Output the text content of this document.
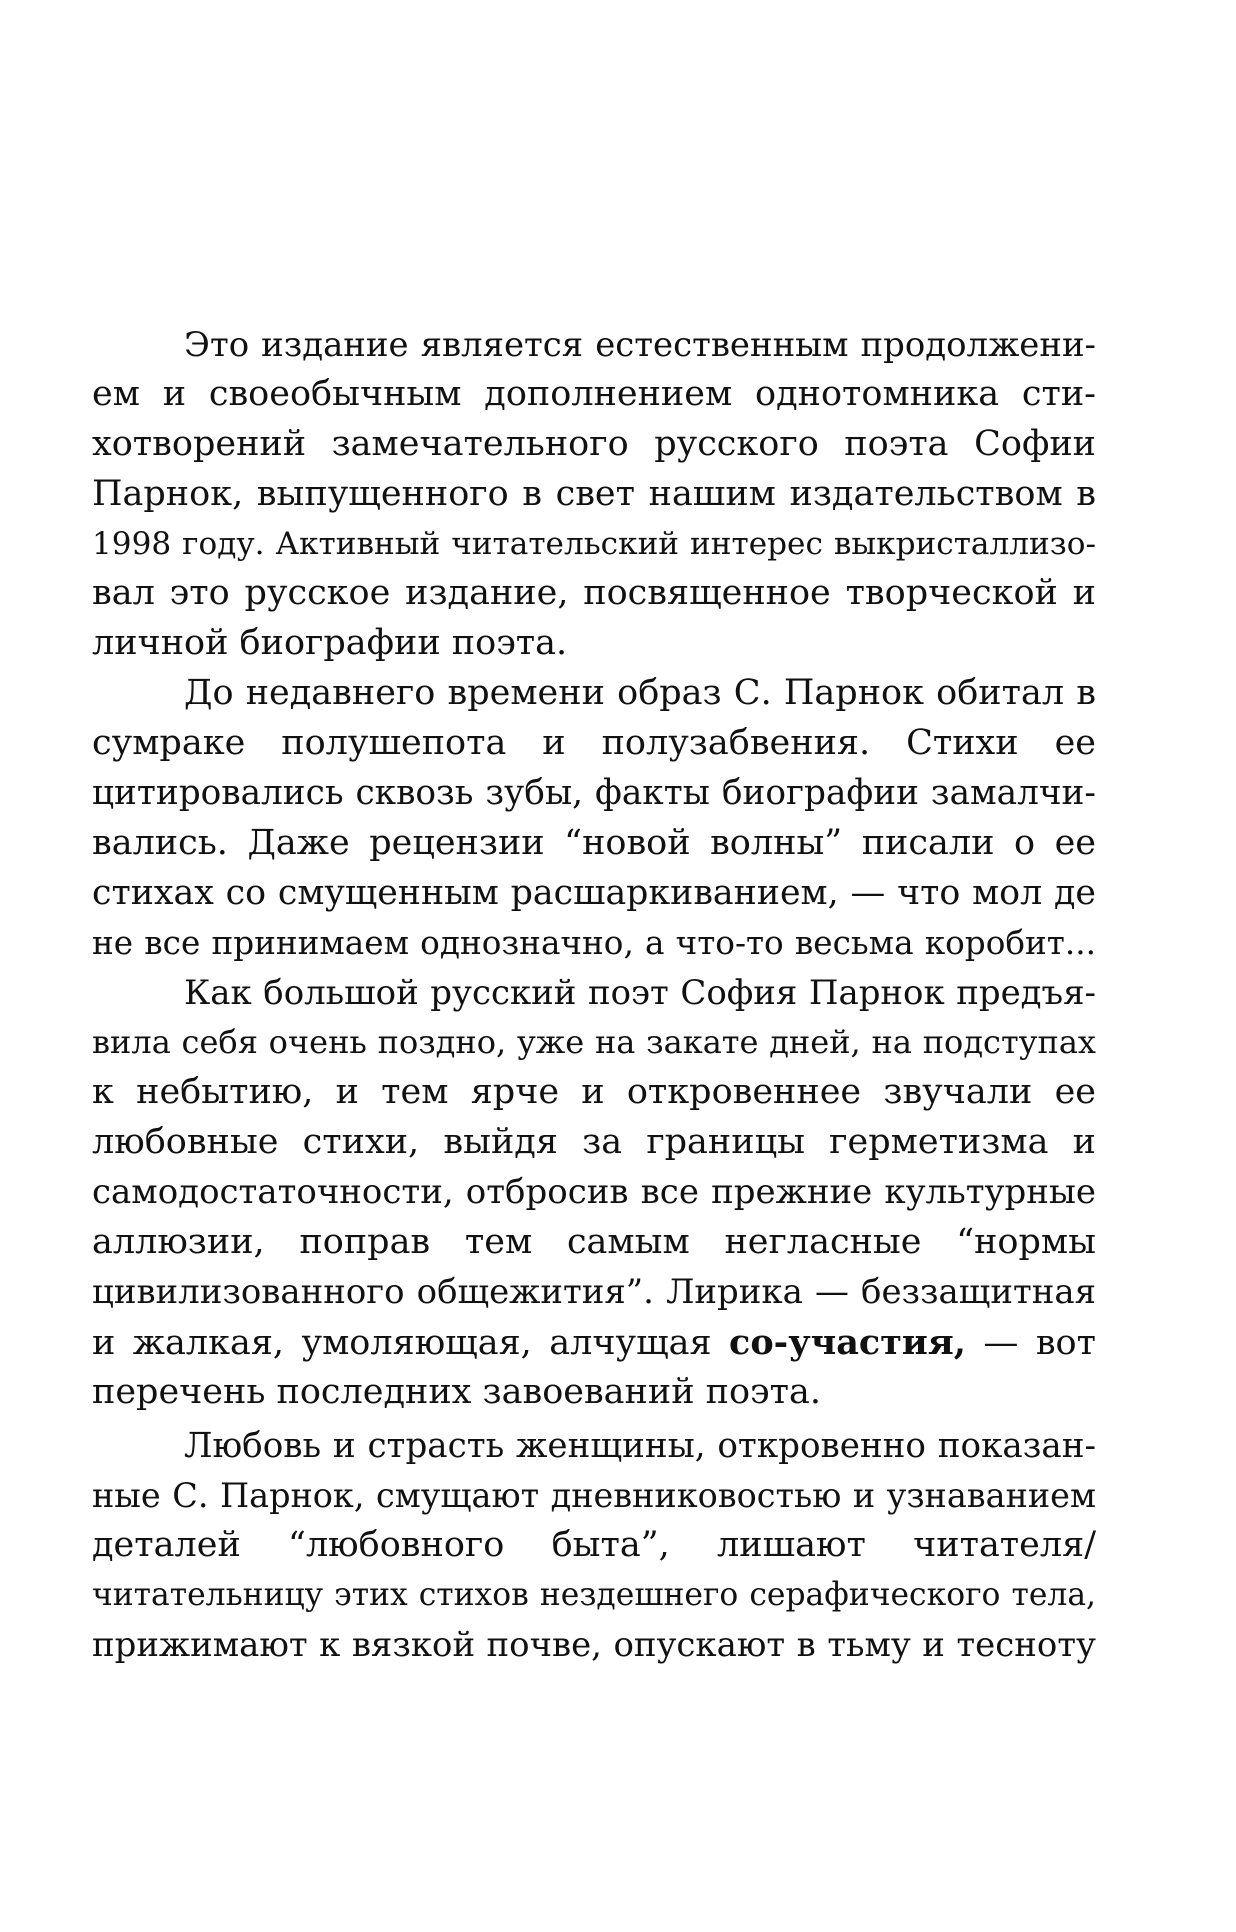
Это издание является естественным продолжени-
ем и своеобычным дополнением однотомника сти-
хотворений замечательного русского поэта Софии
Парнок, выпущенного в свет нашим издательством в
1998 году. Активный читательский интерес выкристаллизо-
вал это русское издание, посвященное творческой и
личной биографии поэта.
До недавнего времени образ С. Парнок обитал в
сумраке полушепота и полузабвения. Стихи ее
цитировались сквозь зубы, факты биографии замалчи-
вались. Даже рецензии “новой волны” писали о ее
стихах со смущенным расшаркиванием, — что мол де
не все принимаем однозначно, а что-то весьма коробит...
Как большой русский поэт София Парнок предъя-
вила себя очень поздно, уже на закате дней, на подступах
к небытию, и тем ярче и откровеннее звучали ее
любовные стихи, выйдя за границы герметизма и
самодостаточности, отбросив все прежние культурные
аллюзии, поправ тем самым негласные “нормы
цивилизованного общежития”. Лирика — беззащитная
и жалкая, умоляющая, алчущая со-участия, — вот
перечень последних завоеваний поэта.
Любовь и страсть женщины, откровенно показан-
ные С. Парнок, смущают дневниковостью и узнаванием
деталей “любовного быта”, лишают читателя/
читательницу этих стихов нездешнего серафического тела,
прижимают к вязкой почве, опускают в тьму и тесноту
